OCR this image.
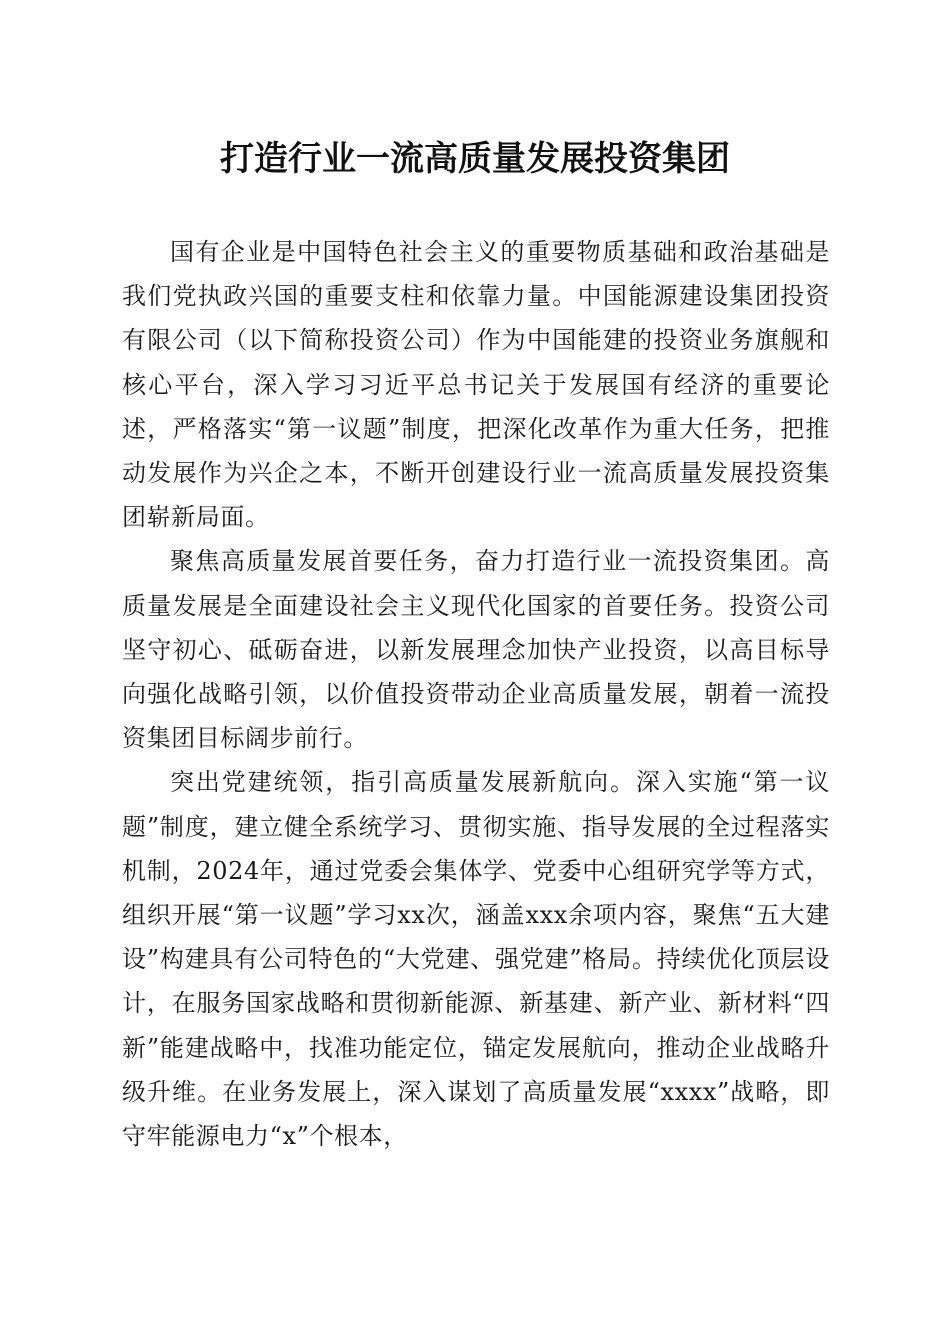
打造行业一流高质量发展投资集团

国有企业是中国特色社会主义的重要物质基础和政治基础是我们党执政兴国的重要支柱和依靠力量。中国能源建设集团投资有限公司（以下简称投资公司）作为中国能建的投资业务旗舰和核心平台，深入学习习近平总书记关于发展国有经济的重要论述，严格落实“第一议题”制度，把深化改革作为重大任务，把推动发展作为兴企之本，不断开创建设行业一流高质量发展投资集团崭新局面。

聚焦高质量发展首要任务，奋力打造行业一流投资集团。高质量发展是全面建设社会主义现代化国家的首要任务。投资公司坚守初心、砥砺奋进，以新发展理念加快产业投资，以高目标导向强化战略引领，以价值投资带动企业高质量发展，朝着一流投资集团目标阔步前行。

突出党建统领，指引高质量发展新航向。深入实施“第一议题”制度，建立健全系统学习、贯彻实施、指导发展的全过程落实机制，2024年，通过党委会集体学、党委中心组研究学等方式，组织开展“第一议题”学习xx次，涵盖xxx余项内容，聚焦“五大建设”构建具有公司特色的“大党建、强党建”格局。持续优化顶层设计，在服务国家战略和贯彻新能源、新基建、新产业、新材料“四新”能建战略中，找准功能定位，锚定发展航向，推动企业战略升级升维。在业务发展上，深入谋划了高质量发展“xxxx”战略，即守牢能源电力“x”个根本，
